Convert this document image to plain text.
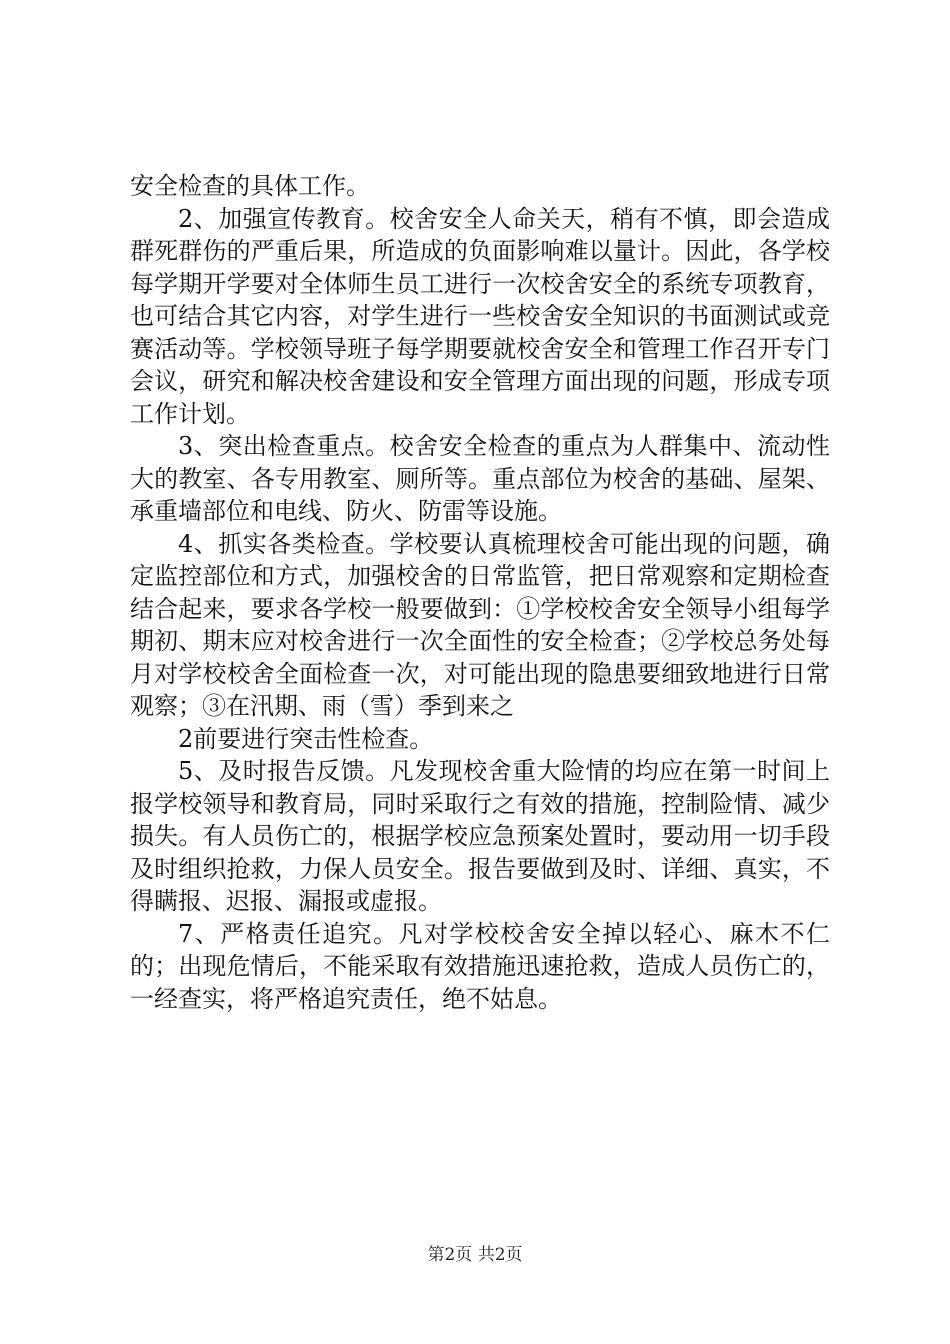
安全检查的具体工作。

2、加强宣传教育。校舍安全人命关天，稍有不慎，即会造成群死群伤的严重后果，所造成的负面影响难以量计。因此，各学校每学期开学要对全体师生员工进行一次校舍安全的系统专项教育，也可结合其它内容，对学生进行一些校舍安全知识的书面测试或竞赛活动等。学校领导班子每学期要就校舍安全和管理工作召开专门会议，研究和解决校舍建设和安全管理方面出现的问题，形成专项工作计划。

3、突出检查重点。校舍安全检查的重点为人群集中、流动性大的教室、各专用教室、厕所等。重点部位为校舍的基础、屋架、承重墙部位和电线、防火、防雷等设施。

4、抓实各类检查。学校要认真梳理校舍可能出现的问题，确定监控部位和方式，加强校舍的日常监管，把日常观察和定期检查结合起来，要求各学校一般要做到：①学校校舍安全领导小组每学期初、期末应对校舍进行一次全面性的安全检查；②学校总务处每月对学校校舍全面检查一次，对可能出现的隐患要细致地进行日常观察；③在汛期、雨（雪）季到来之

2前要进行突击性检查。

5、及时报告反馈。凡发现校舍重大险情的均应在第一时间上报学校领导和教育局，同时采取行之有效的措施，控制险情、减少损失。有人员伤亡的，根据学校应急预案处置时，要动用一切手段及时组织抢救，力保人员安全。报告要做到及时、详细、真实，不得瞒报、迟报、漏报或虚报。

7、严格责任追究。凡对学校校舍安全掉以轻心、麻木不仁的；出现危情后，不能采取有效措施迅速抢救，造成人员伤亡的，一经查实，将严格追究责任，绝不姑息。

第2页 共2页
